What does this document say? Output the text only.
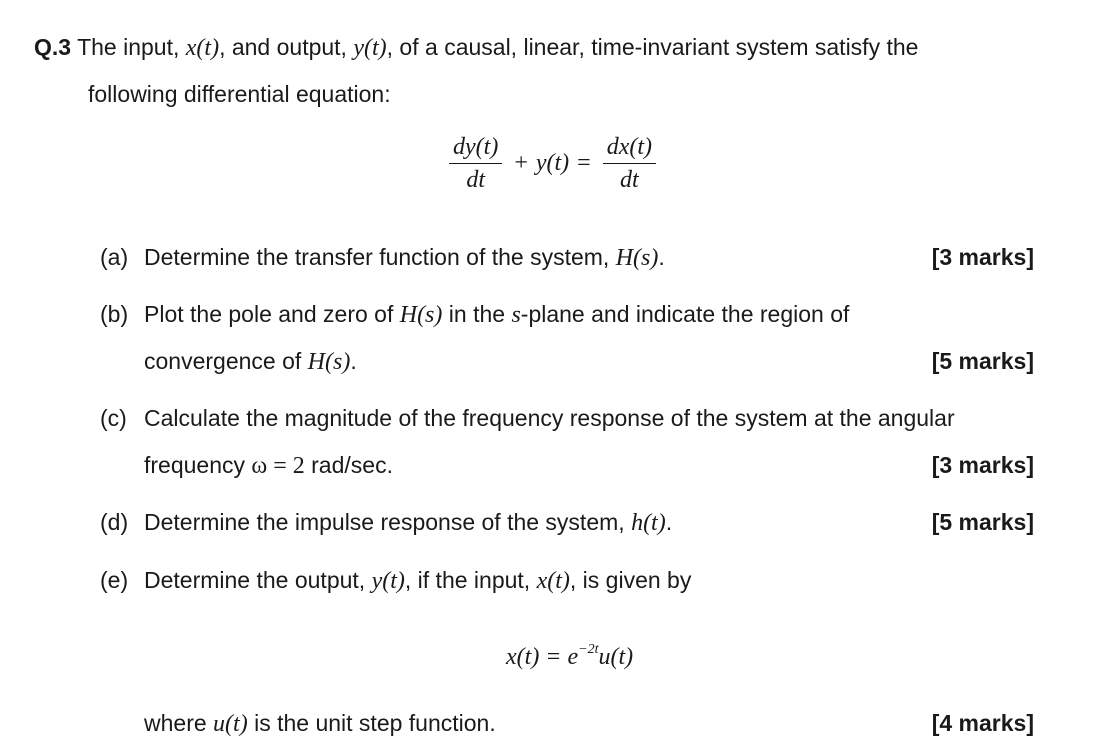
Q.3 The input, x(t), and output, y(t), of a causal, linear, time-invariant system satisfy the
following differential equation:
$\frac{dy(t)}{dt} + y(t) = \frac{dx(t)}{dt}$
(a) Determine the transfer function of the system, H(s).	[3 marks]
(b) Plot the pole and zero of H(s) in the s-plane and indicate the region of
convergence of H(s).	[5 marks]
(c) Calculate the magnitude of the frequency response of the system at the angular
frequency ω = 2 rad/sec.	[3 marks]
(d) Determine the impulse response of the system, h(t).	[5 marks]
(e) Determine the output, y(t), if the input, x(t), is given by
$x(t) = e^{-2t}u(t)$
where u(t) is the unit step function.	[4 marks]
